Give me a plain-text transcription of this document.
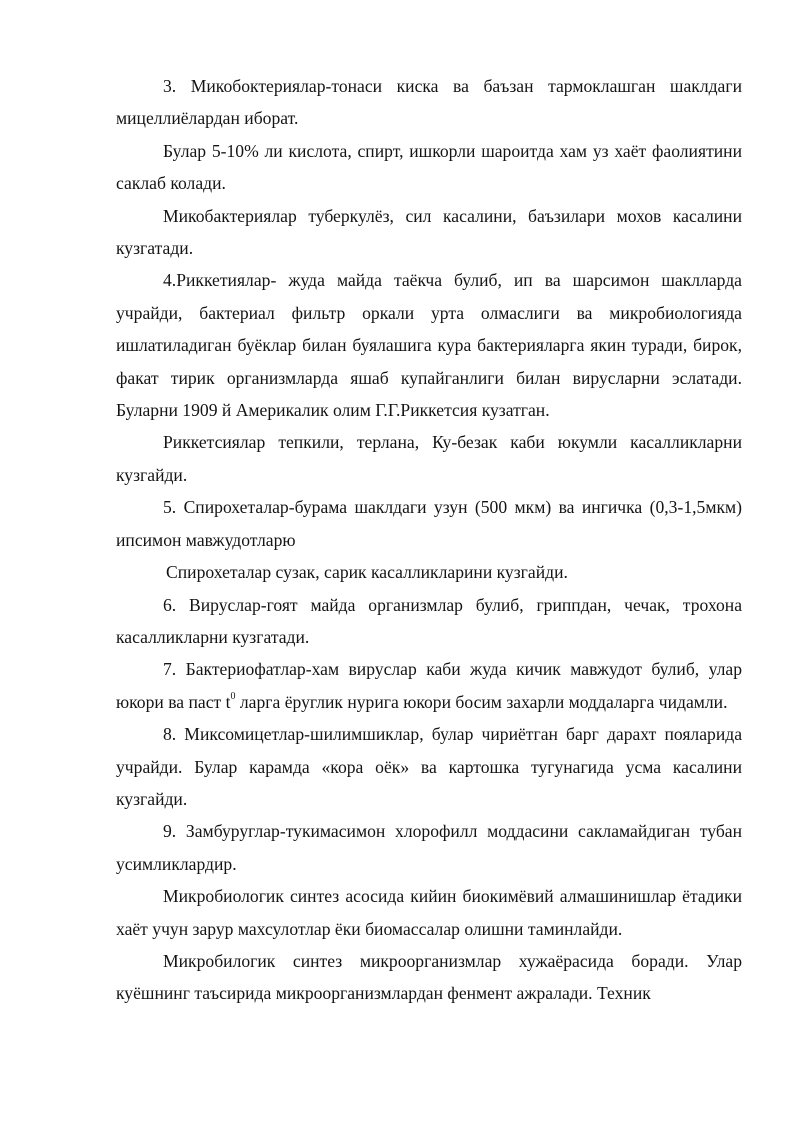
3. Микобоктериялар-тонаси киска ва баъзан тармоклашган шаклдаги мицеллиёлардан иборат.

Булар 5-10% ли кислота, спирт, ишкорли шароитда хам уз хаёт фаолиятини саклаб колади.

Микобактериялар туберкулёз, сил касалини, баъзилари мохов касалини кузгатади.

4.Риккетиялар- жуда майда таёкча булиб, ип ва шарсимон шаклларда учрайди, бактериал фильтр оркали урта олмаслиги ва микробиологияда ишлатиладиган буёклар билан буялашига кура бактерияларга якин туради, бирок, факат тирик организмларда яшаб купайганлиги билан вирусларни эслатади. Буларни 1909 й Америкалик олим Г.Г.Риккетсия кузатган.

Риккетсиялар тепкили, терлана, Ку-безак каби юкумли касалликларни кузгайди.

5. Спирохеталар-бурама шаклдаги узун (500 мкм) ва ингичка (0,3-1,5мкм) ипсимон мавжудотларю

Спирохеталар сузак, сарик касалликларини кузгайди.

6. Вируслар-гоят майда организмлар булиб, гриппдан, чечак, трохона касалликларни кузгатади.

7. Бактериофатлар-хам вируслар каби жуда кичик мавжудот булиб, улар юкори ва паст $t^0$ ларга ёруглик нурига юкори босим захарли моддаларга чидамли.

8. Миксомицетлар-шилимшиклар, булар чириётган барг дарахт пояларида учрайди. Булар карамда «кора оёк» ва картошка тугунагида усма касалини кузгайди.

9. Замбуруглар-тукимасимон хлорофилл моддасини сакламайдиган тубан усимликлардир.

Микробиологик синтез асосида кийин биокимёвий алмашинишлар ётадики хаёт учун зарур махсулотлар ёки биомассалар олишни таминлайди.

Микробилогик синтез микроорганизмлар хужаёрасида боради. Улар куёшнинг таъсирида микроорганизмлардан фенмент ажралади. Техник
